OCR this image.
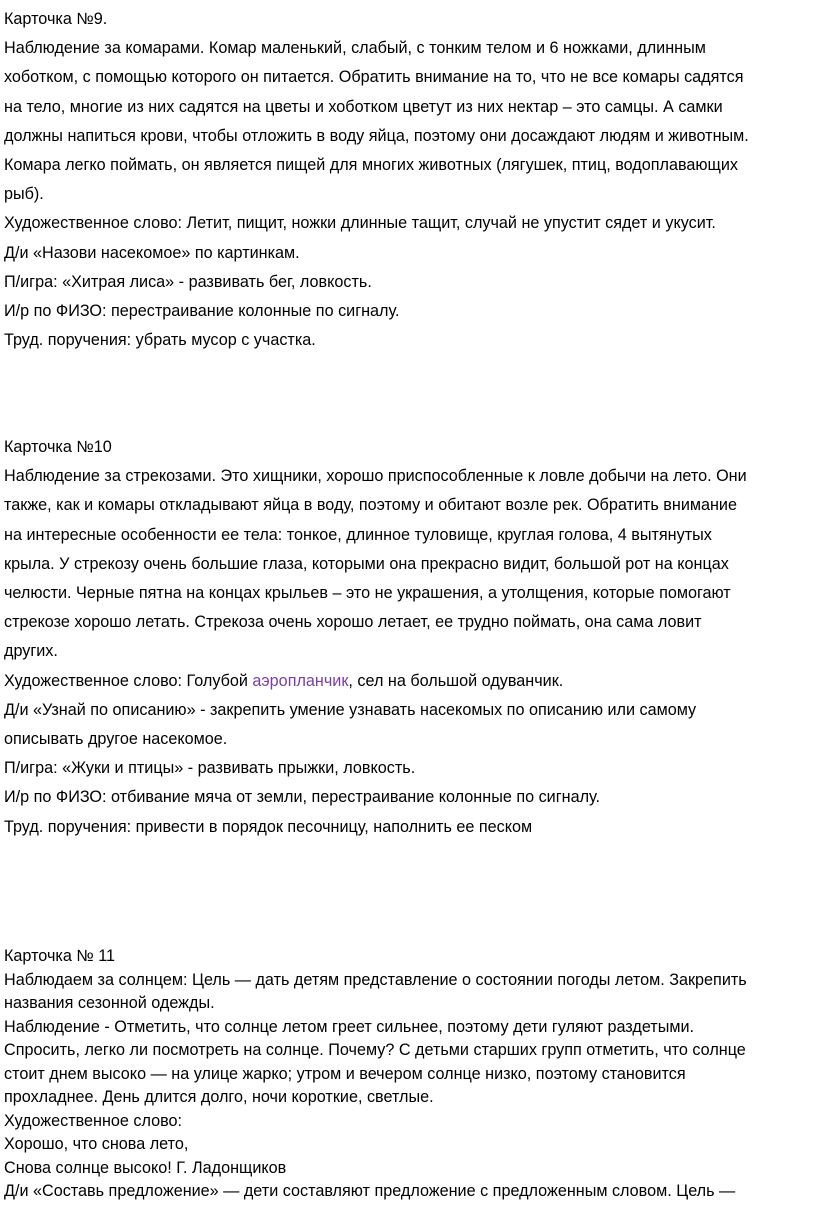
Карточка №9.

Наблюдение за комарами. Комар маленький, слабый, с тонким телом и 6 ножками, длинным

хоботком, с помощью которого он питается. Обратить внимание на то, что не все комары садятся

на тело, многие из них садятся на цветы и хоботком цветут из них нектар – это самцы. А самки

должны напиться крови, чтобы отложить в воду яйца, поэтому они досаждают людям и животным.

Комара легко поймать, он является пищей для многих животных (лягушек, птиц, водоплавающих

рыб).

Художественное слово: Летит, пищит, ножки длинные тащит, случай не упустит сядет и укусит.

Д/и «Назови насекомое» по картинкам.

П/игра: «Хитрая лиса» - развивать бег, ловкость.

И/р по ФИЗО: перестраивание колонные по сигналу.

Труд. поручения: убрать мусор с участка.

Карточка №10

Наблюдение за стрекозами. Это хищники, хорошо приспособленные к ловле добычи на лето. Они

также, как и комары откладывают яйца в воду, поэтому и обитают возле рек. Обратить внимание

на интересные особенности ее тела: тонкое, длинное туловище, круглая голова, 4 вытянутых

крыла. У стрекозу очень большие глаза, которыми она прекрасно видит, большой рот на концах

челюсти. Черные пятна на концах крыльев – это не украшения, а утолщения, которые помогают

стрекозе хорошо летать. Стрекоза очень хорошо летает, ее трудно поймать, она сама ловит

других.

Художественное слово: Голубой аэропланчик, сел на большой одуванчик.

Д/и «Узнай по описанию» - закрепить умение узнавать насекомых по описанию или самому

описывать другое насекомое.

П/игра: «Жуки и птицы» - развивать прыжки, ловкость.

И/р по ФИЗО: отбивание мяча от земли, перестраивание колонные по сигналу.

Труд. поручения: привести в порядок песочницу, наполнить ее песком

Карточка № 11

Наблюдаем за солнцем: Цель — дать детям представление о состоянии погоды летом. Закрепить

названия сезонной одежды.

Наблюдение - Отметить, что солнце летом греет сильнее, поэтому дети гуляют раздетыми.

Спросить, легко ли посмотреть на солнце. Почему? С детьми старших групп отметить, что солнце

стоит днем высоко — на улице жарко; утром и вечером солнце низко, поэтому становится

прохладнее. День длится долго, ночи короткие, светлые.

Художественное слово:

Хорошо, что снова лето,

Снова солнце высоко! Г. Ладонщиков

Д/и «Составь предложение» — дети составляют предложение с предложенным словом. Цель —
